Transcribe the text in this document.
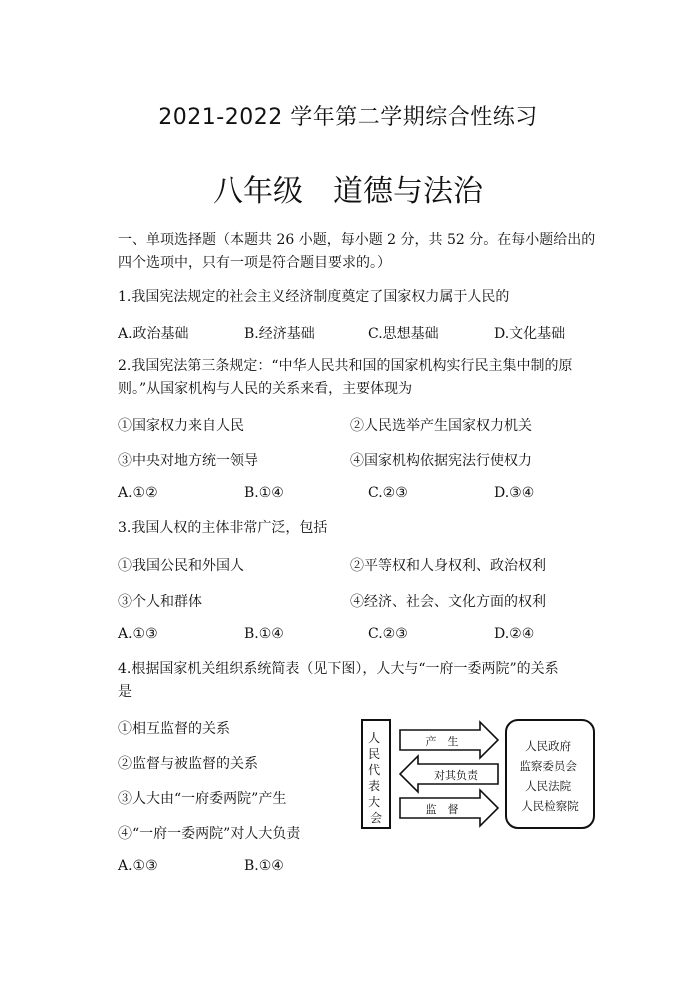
2021-2022 学年第二学期综合性练习
八年级　道德与法治
一、单项选择题（本题共 26 小题，每小题 2 分，共 52 分。在每小题给出的
四个选项中，只有一项是符合题目要求的。）
1.我国宪法规定的社会主义经济制度奠定了国家权力属于人民的
A.政治基础	B.经济基础	C.思想基础	D.文化基础
2.我国宪法第三条规定：“中华人民共和国的国家机构实行民主集中制的原
则。”从国家机构与人民的关系来看，主要体现为
①国家权力来自人民	②人民选举产生国家权力机关
③中央对地方统一领导	④国家机构依据宪法行使权力
A.①②	B.①④	C.②③	D.③④
3.我国人权的主体非常广泛，包括
①我国公民和外国人	②平等权和人身权利、政治权利
③个人和群体	④经济、社会、文化方面的权利
A.①③	B.①④	C.②③	D.②④
4.根据国家机关组织系统简表（见下图），人大与“一府一委两院”的关系
是
①相互监督的关系
②监督与被监督的关系
③人大由“一府委两院”产生
④“一府一委两院”对人大负责
A.①③	B.①④
人 民 代 表 大 会
产　生
对其负责
监　督
人民政府 监察委员会 人民法院 人民检察院
